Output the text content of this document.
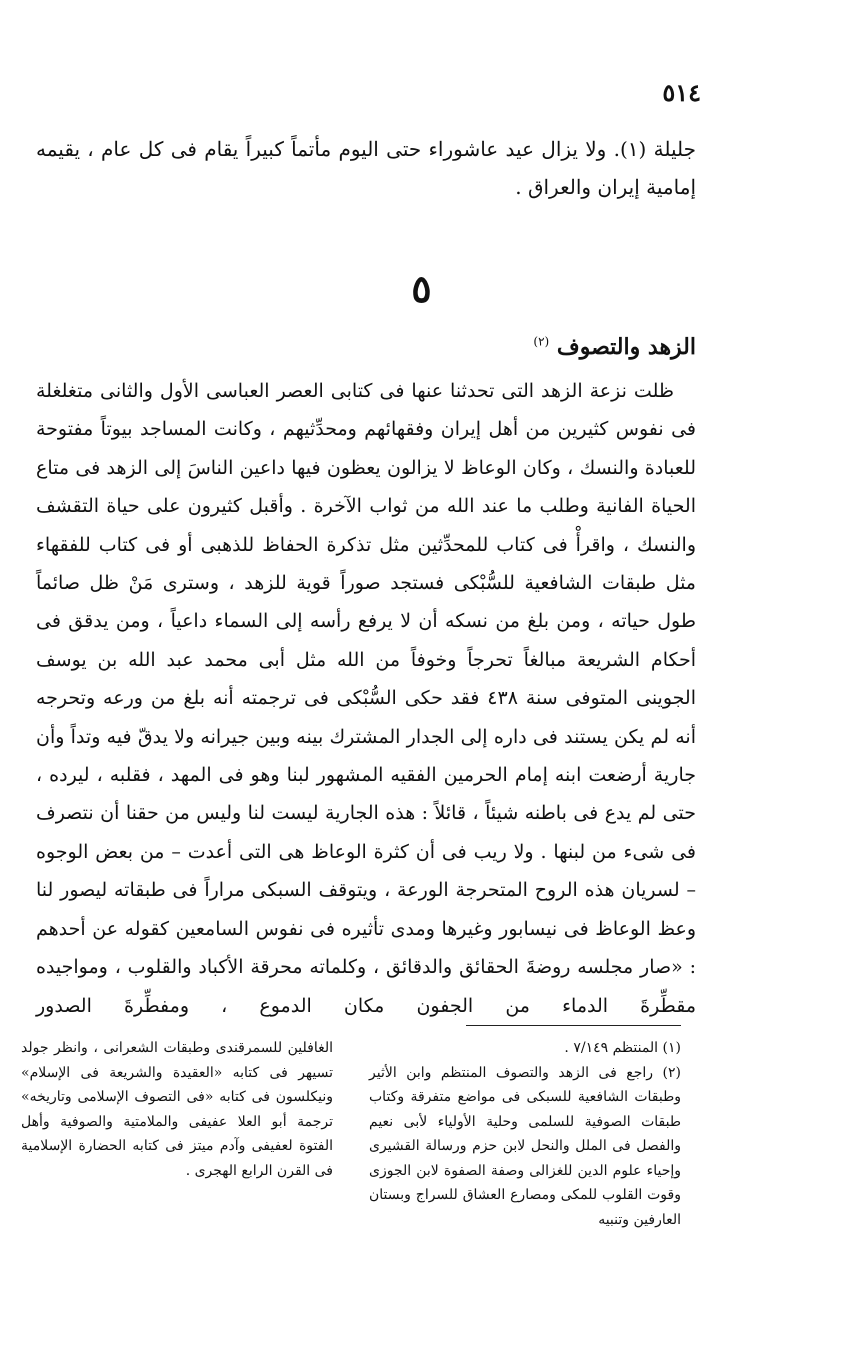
٥١٤

جليلة (١). ولا يزال عيد عاشوراء حتى اليوم مأتماً كبيراً يقام فى كل عام ، يقيمه إمامية إيران والعراق .

٥
الزهد والتصوف $^{(٢)}$

ظلت نزعة الزهد التى تحدثنا عنها فى كتابى العصر العباسى الأول والثانى متغلغلة فى نفوس كثيرين من أهل إيران وفقهائهم ومحدِّثيهم ، وكانت المساجد بيوتاً مفتوحة للعبادة والنسك ، وكان الوعاظ لا يزالون يعظون فيها داعين الناسَ إلى الزهد فى متاع الحياة الفانية وطلب ما عند الله من ثواب الآخرة . وأقبل كثيرون على حياة التقشف والنسك ، واقرأْ فى كتاب للمحدِّثين مثل تذكرة الحفاظ للذهبى أو فى كتاب للفقهاء مثل طبقات الشافعية للسُّبْكى فستجد صوراً قوية للزهد ، وسترى مَنْ ظل صائماً طول حياته ، ومن بلغ من نسكه أن لا يرفع رأسه إلى السماء داعياً ، ومن يدقق فى أحكام الشريعة مبالغاً تحرجاً وخوفاً من الله مثل أبى محمد عبد الله بن يوسف الجوينى المتوفى سنة ٤٣٨ فقد حكى السُّبْكى فى ترجمته أنه بلغ من ورعه وتحرجه أنه لم يكن يستند فى داره إلى الجدار المشترك بينه وبين جيرانه ولا يدقّ فيه وتداً وأن جارية أرضعت ابنه إمام الحرمين الفقيه المشهور لبنا وهو فى المهد ، فقلبه ، ليرده ، حتى لم يدع فى باطنه شيئاً ، قائلاً : هذه الجارية ليست لنا وليس من حقنا أن نتصرف فى شىء من لبنها . ولا ريب فى أن كثرة الوعاظ هى التى أعدت – من بعض الوجوه – لسريان هذه الروح المتحرجة الورعة ، ويتوقف السبكى مراراً فى طبقاته ليصور لنا وعظ الوعاظ فى نيسابور وغيرها ومدى تأثيره فى نفوس السامعين كقوله عن أحدهم : «صار مجلسه روضةَ الحقائق والدقائق ، وكلماته محرقة الأكباد والقلوب ، ومواجيده مقطِّرةَ الدماء من الجفون مكان الدموع ، ومفطِّرةَ الصدور

(١) المنتظم ٧/١٤٩ .

(٢) راجع فى الزهد والتصوف المنتظم وابن الأثير وطبقات الشافعية للسبكى فى مواضع متفرقة وكتاب طبقات الصوفية للسلمى وحلية الأولياء لأبى نعيم والفصل فى الملل والنحل لابن حزم ورسالة القشيرى وإحياء علوم الدين للغزالى وصفة الصفوة لابن الجوزى وقوت القلوب للمكى ومصارع العشاق للسراج وبستان العارفين وتنبيه

الغافلين للسمرقندى وطبقات الشعرانى ، وانظر جولد تسيهر فى كتابه «العقيدة والشريعة فى الإسلام» ونيكلسون فى كتابه «فى التصوف الإسلامى وتاريخه» ترجمة أبو العلا عفيفى والملامتية والصوفية وأهل الفتوة لعفيفى وآدم ميتز فى كتابه الحضارة الإسلامية فى القرن الرابع الهجرى .
